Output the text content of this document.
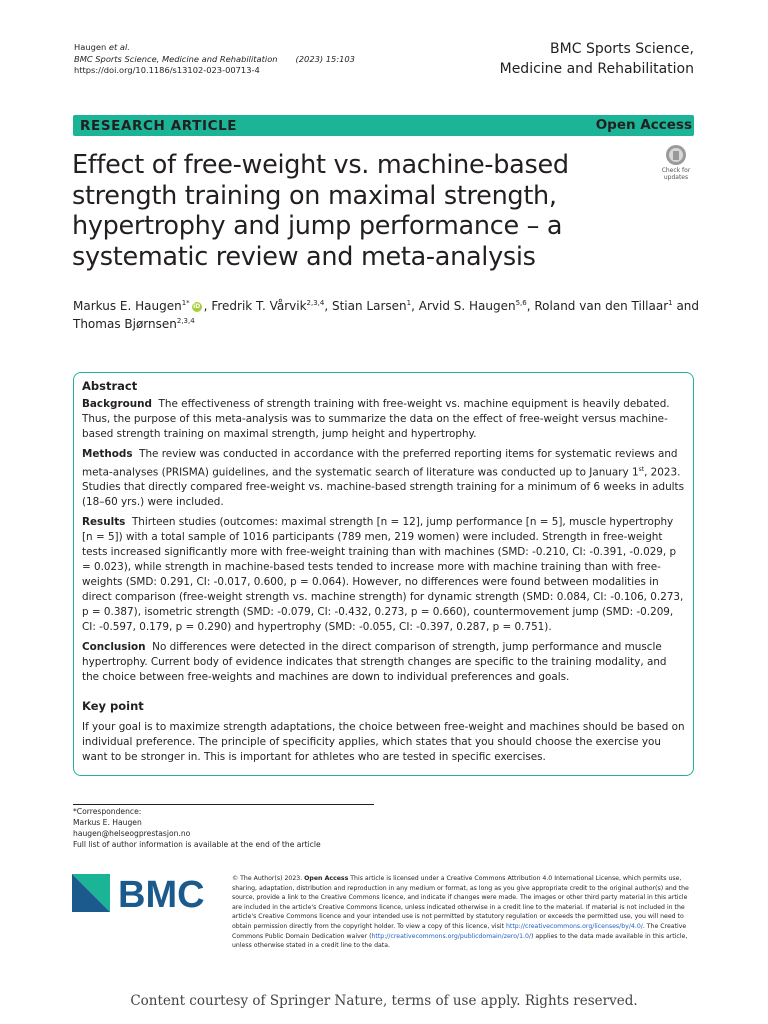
Haugen et al.
BMC Sports Science, Medicine and Rehabilitation (2023) 15:103
https://doi.org/10.1186/s13102-023-00713-4
BMC Sports Science,
Medicine and Rehabilitation
RESEARCH ARTICLE	Open Access
Check for
updates
Effect of free-weight vs. machine-based strength training on maximal strength, hypertrophy and jump performance – a systematic review and meta-analysis
Markus E. Haugen$^{1*}$ iD , Fredrik T. Vårvik$^{2,3,4}$, Stian Larsen$^1$, Arvid S. Haugen$^{5,6}$, Roland van den Tillaar$^1$ and
Thomas Bjørnsen$^{2,3,4}$

Abstract

Background The effectiveness of strength training with free-weight vs. machine equipment is heavily debated. Thus, the purpose of this meta-analysis was to summarize the data on the effect of free-weight versus machine-based strength training on maximal strength, jump height and hypertrophy.

Methods The review was conducted in accordance with the preferred reporting items for systematic reviews and meta-analyses (PRISMA) guidelines, and the systematic search of literature was conducted up to January 1st, 2023. Studies that directly compared free-weight vs. machine-based strength training for a minimum of 6 weeks in adults (18–60 yrs.) were included.

Results Thirteen studies (outcomes: maximal strength [n = 12], jump performance [n = 5], muscle hypertrophy [n = 5]) with a total sample of 1016 participants (789 men, 219 women) were included. Strength in free-weight tests increased significantly more with free-weight training than with machines (SMD: -0.210, CI: -0.391, -0.029, p = 0.023), while strength in machine-based tests tended to increase more with machine training than with free-weights (SMD: 0.291, CI: -0.017, 0.600, p = 0.064). However, no differences were found between modalities in direct comparison (free-weight strength vs. machine strength) for dynamic strength (SMD: 0.084, CI: -0.106, 0.273, p = 0.387), isometric strength (SMD: -0.079, CI: -0.432, 0.273, p = 0.660), countermovement jump (SMD: -0.209, CI: -0.597, 0.179, p = 0.290) and hypertrophy (SMD: -0.055, CI: -0.397, 0.287, p = 0.751).

Conclusion No differences were detected in the direct comparison of strength, jump performance and muscle hypertrophy. Current body of evidence indicates that strength changes are specific to the training modality, and the choice between free-weights and machines are down to individual preferences and goals.

Key point

If your goal is to maximize strength adaptations, the choice between free-weight and machines should be based on individual preference. The principle of specificity applies, which states that you should choose the exercise you want to be stronger in. This is important for athletes who are tested in specific exercises.

*Correspondence:
Markus E. Haugen
haugen@helseogprestasjon.no
Full list of author information is available at the end of the article
BMC	© The Author(s) 2023. Open Access This article is licensed under a Creative Commons Attribution 4.0 International License, which permits use, sharing, adaptation, distribution and reproduction in any medium or format, as long as you give appropriate credit to the original author(s) and the source, provide a link to the Creative Commons licence, and indicate if changes were made. The images or other third party material in this article are included in the article's Creative Commons licence, unless indicated otherwise in a credit line to the material. If material is not included in the article's Creative Commons licence and your intended use is not permitted by statutory regulation or exceeds the permitted use, you will need to obtain permission directly from the copyright holder. To view a copy of this licence, visit http://creativecommons.org/licenses/by/4.0/. The Creative Commons Public Domain Dedication waiver (http://creativecommons.org/publicdomain/zero/1.0/) applies to the data made available in this article, unless otherwise stated in a credit line to the data.
Content courtesy of Springer Nature, terms of use apply. Rights reserved.
